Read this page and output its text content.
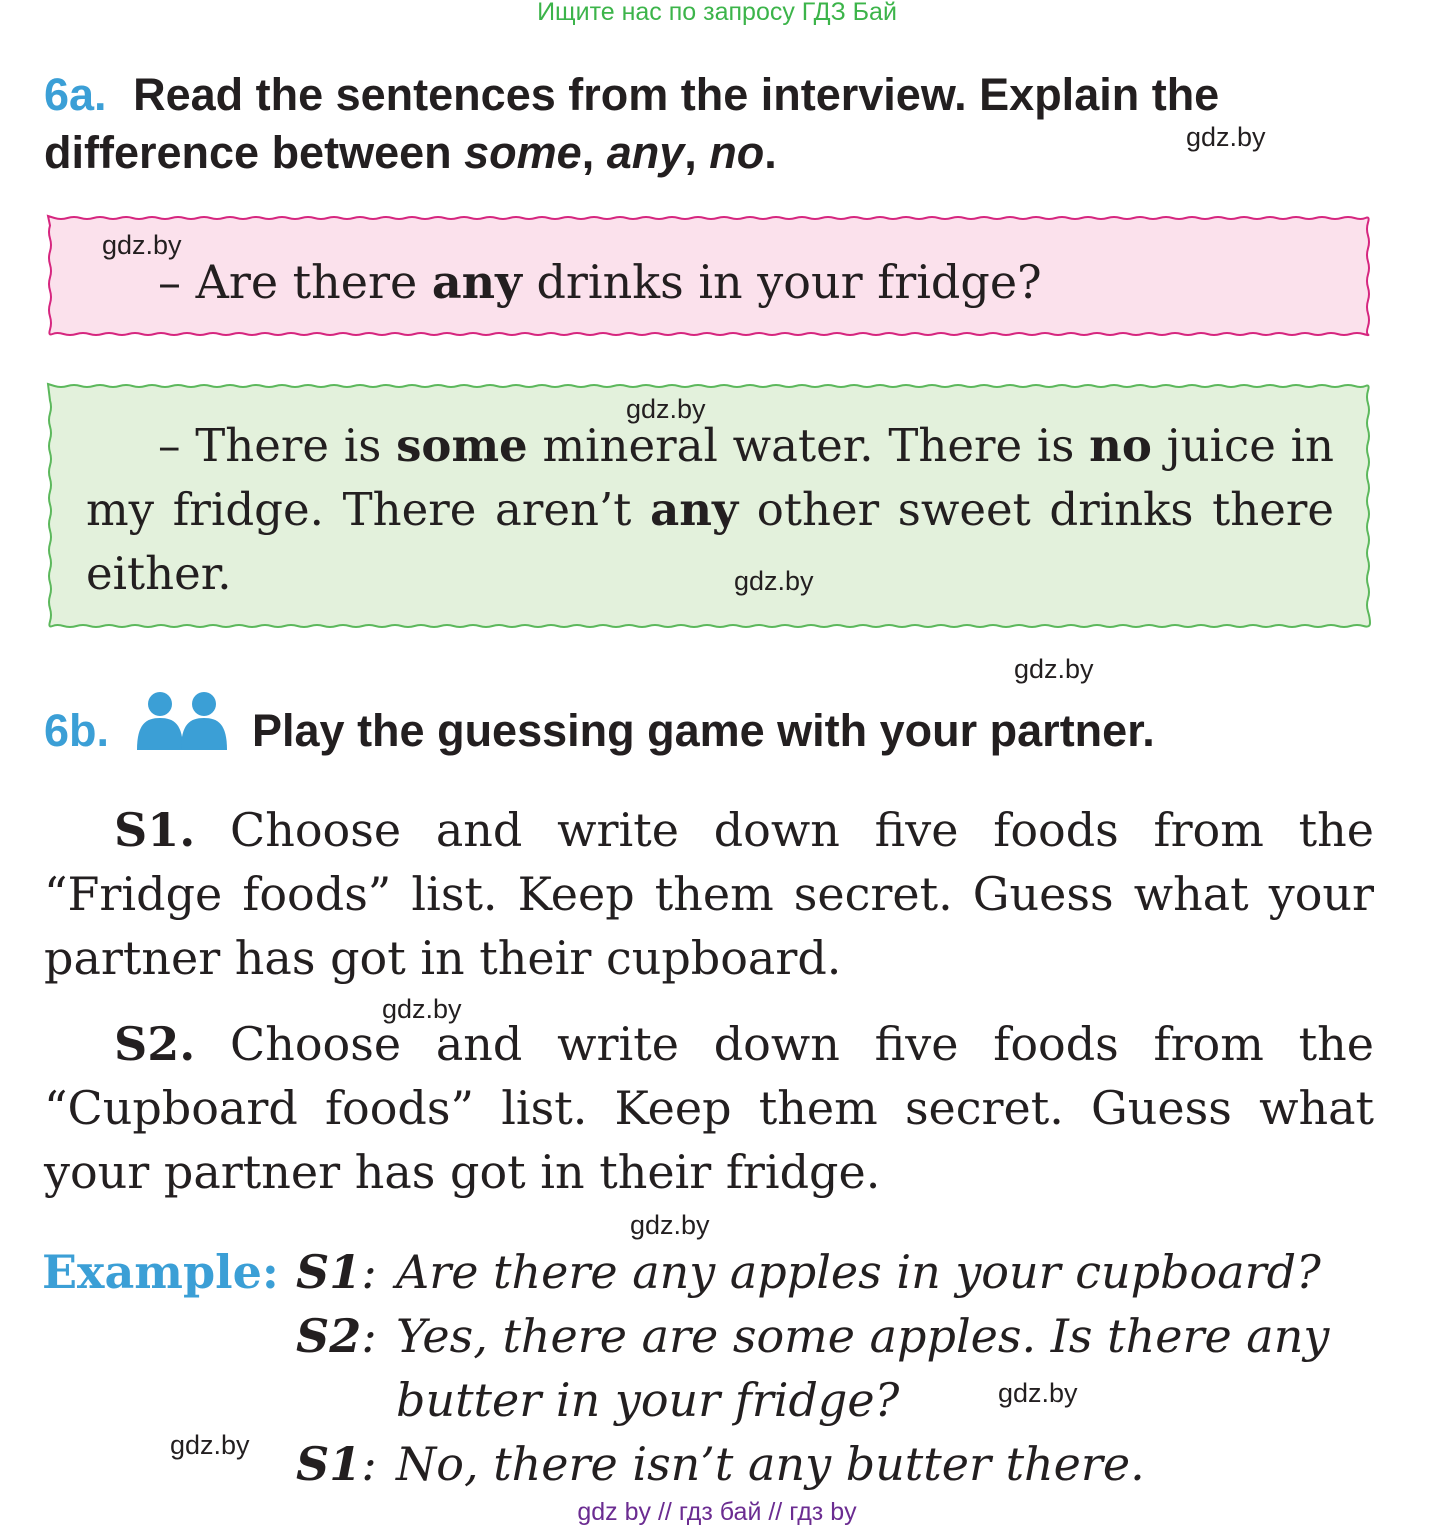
Ищите нас по запросу ГДЗ Бай
6a. Read the sentences from the interview. Explain the
difference between some, any, no.	gdz.by
– Are there any drinks in your fridge?
gdz.by
– There is some mineral water. There is no juice in my fridge. There aren’t any other sweet drinks there either.
gdz.by
gdz.by
gdz.by
6b.	Play the guessing game with your partner.
S1. Choose and write down five foods from the “Fridge foods” list. Keep them secret. Guess what your partner has got in their cupboard.
gdz.by
S2. Choose and write down five foods from the “Cupboard foods” list. Keep them secret. Guess what your partner has got in their fridge.
gdz.by
Example: S1: Are there any apples in your cupboard?
S2: Yes, there are some apples. Is there any
butter in your fridge?
S1: No, there isn’t any butter there.
gdz.by
gdz.by
gdz by // гдз бай // гдз by
